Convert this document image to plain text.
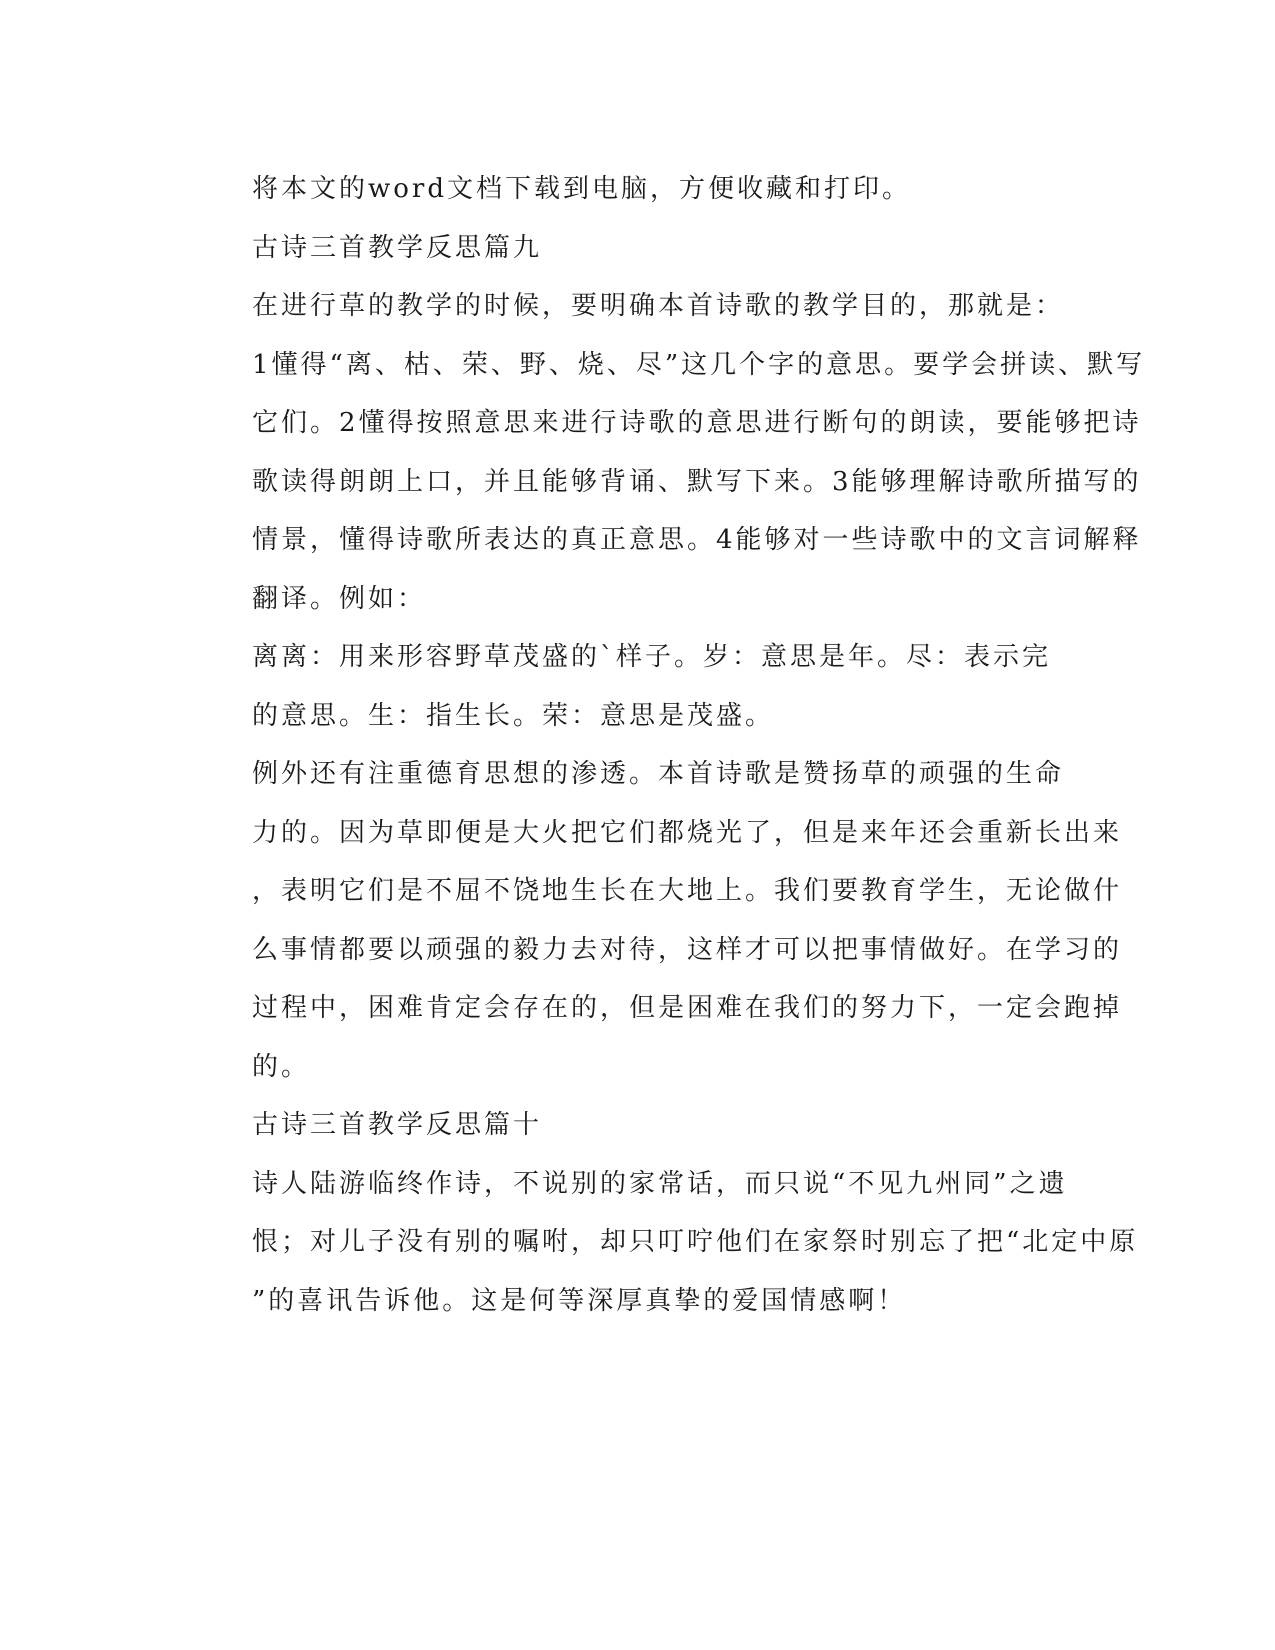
将本文的word文档下载到电脑，方便收藏和打印。

古诗三首教学反思篇九

在进行草的教学的时候，要明确本首诗歌的教学目的，那就是：
1懂得“离、枯、荣、野、烧、尽”这几个字的意思。要学会拼读、默写
它们。2懂得按照意思来进行诗歌的意思进行断句的朗读，要能够把诗
歌读得朗朗上口，并且能够背诵、默写下来。3能够理解诗歌所描写的
情景，懂得诗歌所表达的真正意思。4能够对一些诗歌中的文言词解释
翻译。例如：

离离：用来形容野草茂盛的`样子。岁：意思是年。尽：表示完
的意思。生：指生长。荣：意思是茂盛。

例外还有注重德育思想的渗透。本首诗歌是赞扬草的顽强的生命
力的。因为草即便是大火把它们都烧光了，但是来年还会重新长出来
，表明它们是不屈不饶地生长在大地上。我们要教育学生，无论做什
么事情都要以顽强的毅力去对待，这样才可以把事情做好。在学习的
过程中，困难肯定会存在的，但是困难在我们的努力下，一定会跑掉
的。

古诗三首教学反思篇十

诗人陆游临终作诗，不说别的家常话，而只说“不见九州同”之遗
恨；对儿子没有别的嘱咐，却只叮咛他们在家祭时别忘了把“北定中原
”的喜讯告诉他。这是何等深厚真挚的爱国情感啊！
